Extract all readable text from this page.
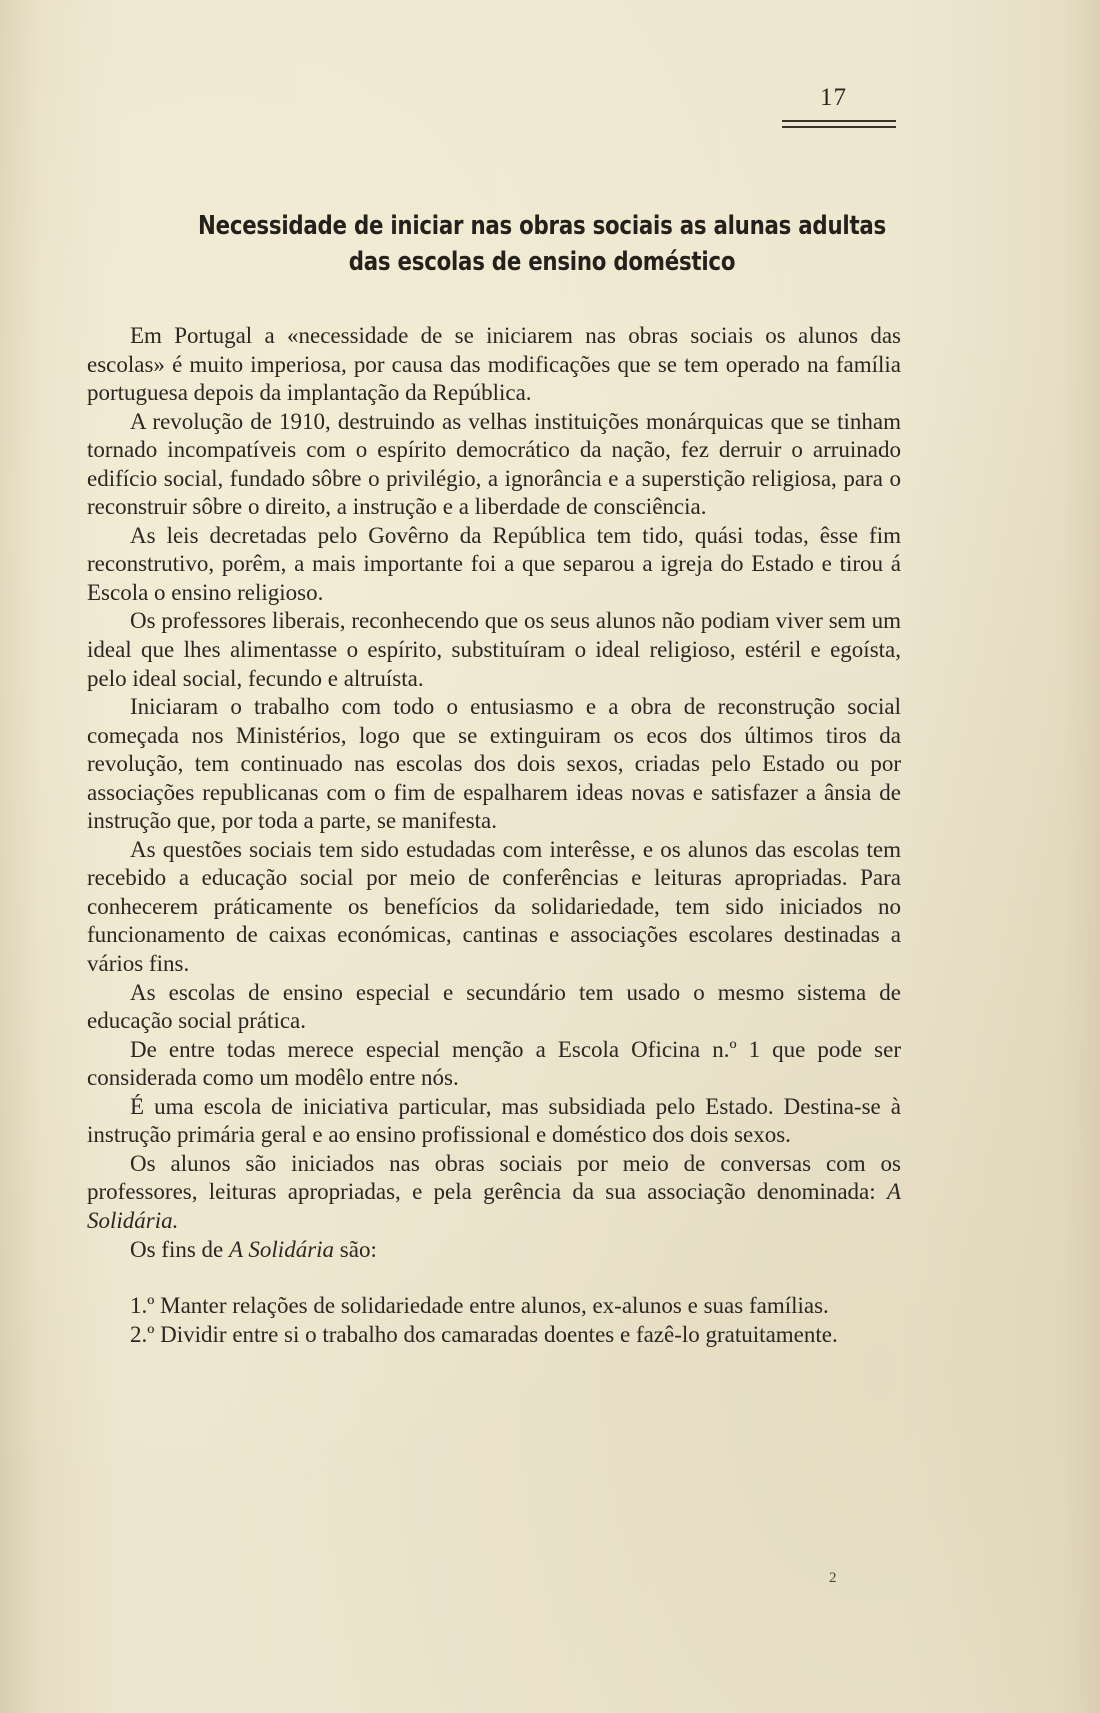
17
Necessidade de iniciar nas obras sociais as alunas adultas
das escolas de ensino doméstico

Em Portugal a «necessidade de se iniciarem nas obras sociais os alunos das escolas» é muito imperiosa, por causa das modificações que se tem operado na família portuguesa depois da implantação da República.

A revolução de 1910, destruindo as velhas instituições monárquicas que se tinham tornado incompatíveis com o espírito democrático da nação, fez derruir o arruinado edifício social, fundado sôbre o privilégio, a ignorância e a superstição religiosa, para o reconstruir sôbre o direito, a instrução e a liberdade de consciência.

As leis decretadas pelo Govêrno da República tem tido, quási todas, êsse fim reconstrutivo, porêm, a mais importante foi a que separou a igreja do Estado e tirou á Escola o ensino religioso.

Os professores liberais, reconhecendo que os seus alunos não podiam viver sem um ideal que lhes alimentasse o espírito, substituíram o ideal religioso, estéril e egoísta, pelo ideal social, fecundo e altruísta.

Iniciaram o trabalho com todo o entusiasmo e a obra de reconstrução social começada nos Ministérios, logo que se extinguiram os ecos dos últimos tiros da revolução, tem continuado nas escolas dos dois sexos, criadas pelo Estado ou por associações republicanas com o fim de espalharem ideas novas e satisfazer a ânsia de instrução que, por toda a parte, se manifesta.

As questões sociais tem sido estudadas com interêsse, e os alunos das escolas tem recebido a educação social por meio de conferências e leituras apropriadas. Para conhecerem práticamente os benefícios da solidariedade, tem sido iniciados no funcionamento de caixas económicas, cantinas e associações escolares destinadas a vários fins.

As escolas de ensino especial e secundário tem usado o mesmo sistema de educação social prática.

De entre todas merece especial menção a Escola Oficina n.º 1 que pode ser considerada como um modêlo entre nós.

É uma escola de iniciativa particular, mas subsidiada pelo Estado. Destina-se à instrução primária geral e ao ensino profissional e doméstico dos dois sexos.

Os alunos são iniciados nas obras sociais por meio de conversas com os professores, leituras apropriadas, e pela gerência da sua associação denominada: A Solidária.

Os fins de A Solidária são:

1.º Manter relações de solidariedade entre alunos, ex-alunos e suas famílias.

2.º Dividir entre si o trabalho dos camaradas doentes e fazê-lo gratuitamente.

2
